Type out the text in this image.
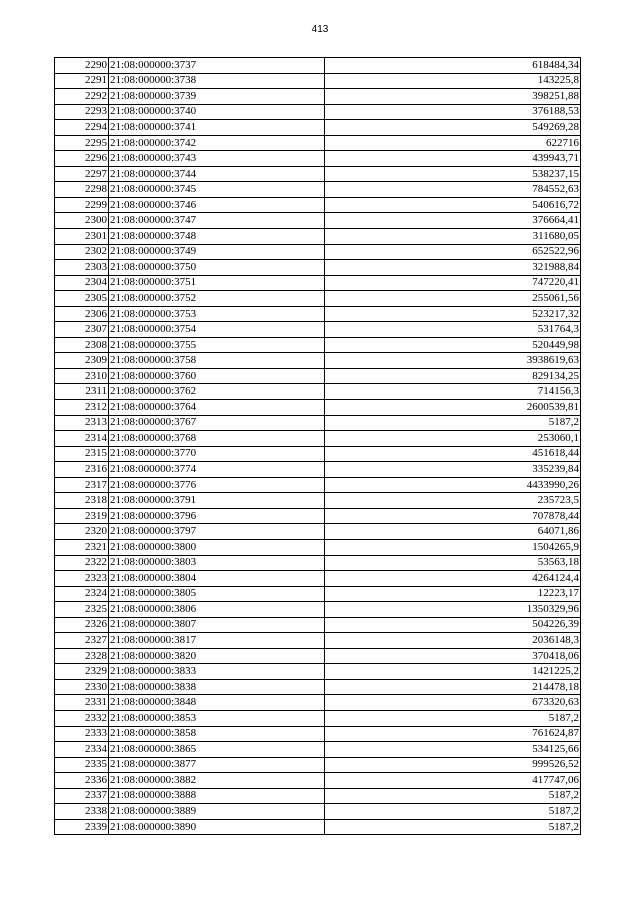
413
2290	21:08:000000:3737	618484,34
2291	21:08:000000:3738	143225,8
2292	21:08:000000:3739	398251,88
2293	21:08:000000:3740	376188,53
2294	21:08:000000:3741	549269,28
2295	21:08:000000:3742	622716
2296	21:08:000000:3743	439943,71
2297	21:08:000000:3744	538237,15
2298	21:08:000000:3745	784552,63
2299	21:08:000000:3746	540616,72
2300	21:08:000000:3747	376664,41
2301	21:08:000000:3748	311680,05
2302	21:08:000000:3749	652522,96
2303	21:08:000000:3750	321988,84
2304	21:08:000000:3751	747220,41
2305	21:08:000000:3752	255061,56
2306	21:08:000000:3753	523217,32
2307	21:08:000000:3754	531764,3
2308	21:08:000000:3755	520449,98
2309	21:08:000000:3758	3938619,63
2310	21:08:000000:3760	829134,25
2311	21:08:000000:3762	714156,3
2312	21:08:000000:3764	2600539,81
2313	21:08:000000:3767	5187,2
2314	21:08:000000:3768	253060,1
2315	21:08:000000:3770	451618,44
2316	21:08:000000:3774	335239,84
2317	21:08:000000:3776	4433990,26
2318	21:08:000000:3791	235723,5
2319	21:08:000000:3796	707878,44
2320	21:08:000000:3797	64071,86
2321	21:08:000000:3800	1504265,9
2322	21:08:000000:3803	53563,18
2323	21:08:000000:3804	4264124,4
2324	21:08:000000:3805	12223,17
2325	21:08:000000:3806	1350329,96
2326	21:08:000000:3807	504226,39
2327	21:08:000000:3817	2036148,3
2328	21:08:000000:3820	370418,06
2329	21:08:000000:3833	1421225,2
2330	21:08:000000:3838	214478,18
2331	21:08:000000:3848	673320,63
2332	21:08:000000:3853	5187,2
2333	21:08:000000:3858	761624,87
2334	21:08:000000:3865	534125,66
2335	21:08:000000:3877	999526,52
2336	21:08:000000:3882	417747,06
2337	21:08:000000:3888	5187,2
2338	21:08:000000:3889	5187,2
2339	21:08:000000:3890	5187,2
